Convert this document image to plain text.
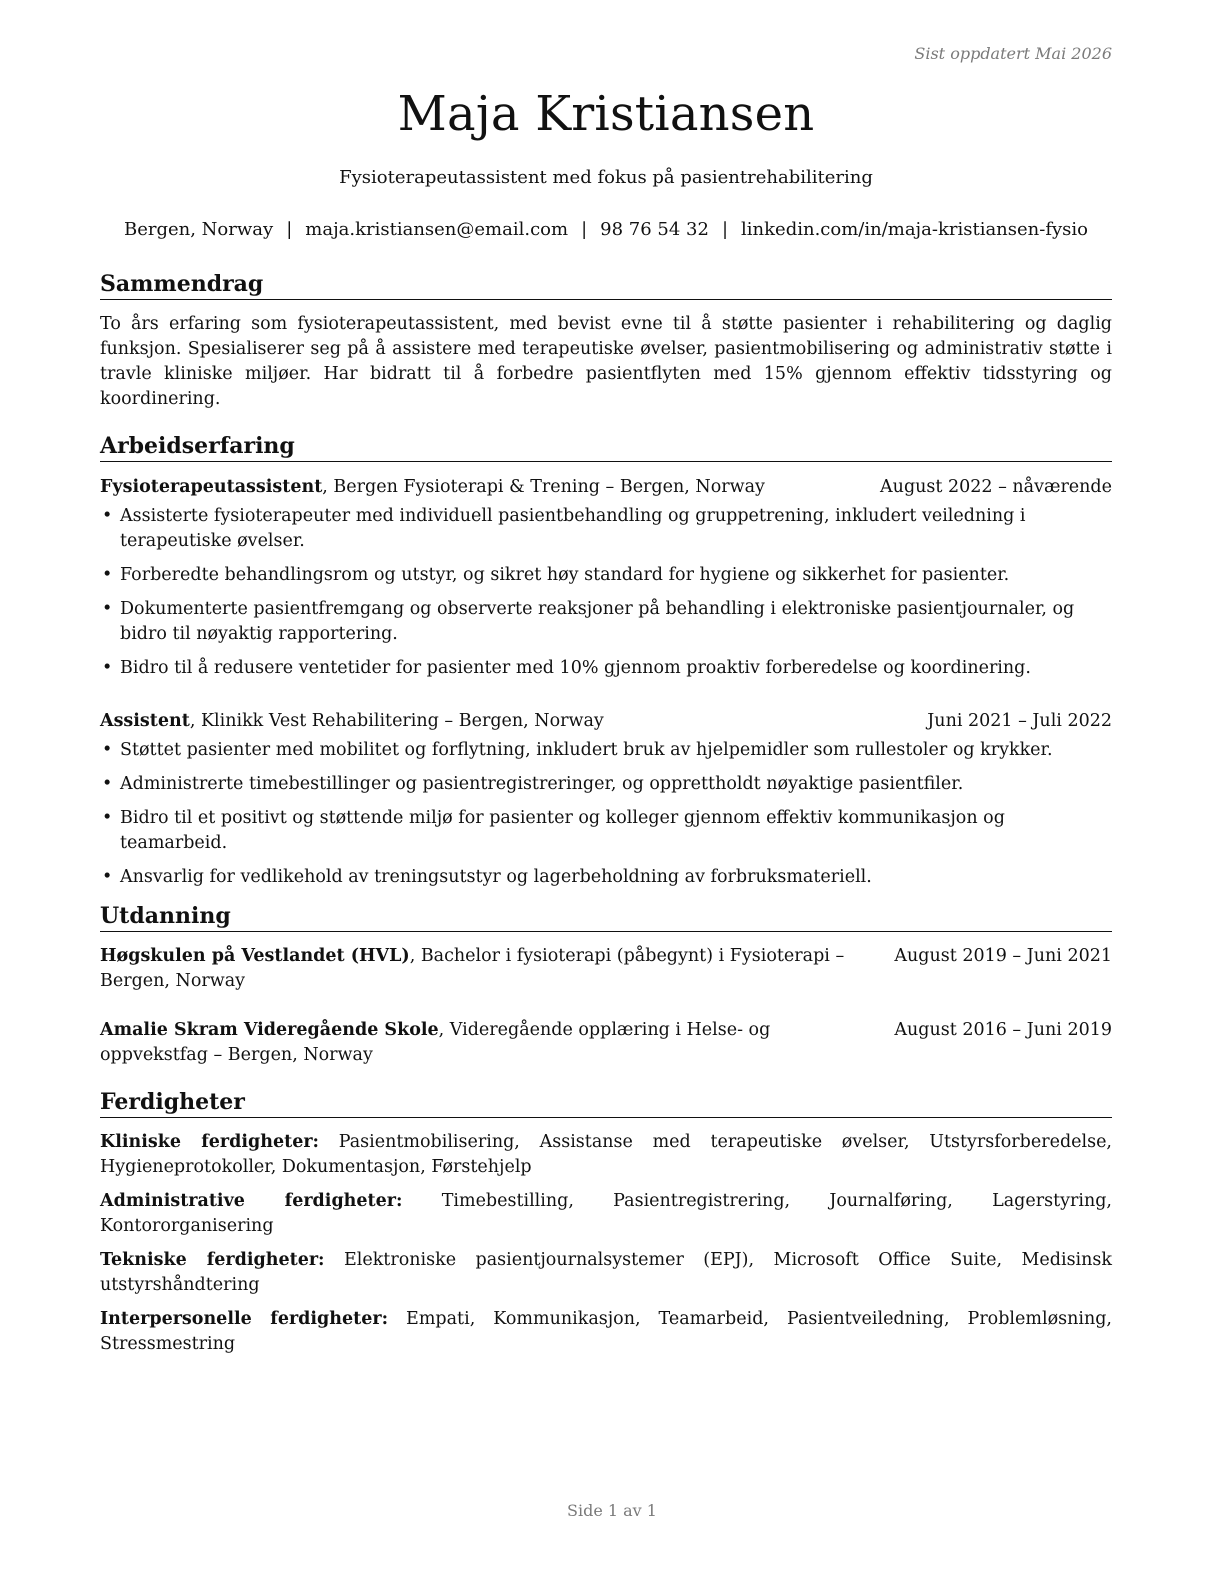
Sist oppdatert Mai 2026
Maja Kristiansen

Fysioterapeutassistent med fokus på pasientrehabilitering

Bergen, Norway | maja.kristiansen@email.com | 98 76 54 32 | linkedin.com/in/maja-kristiansen-fysio

Sammendrag

To års erfaring som fysioterapeutassistent, med bevist evne til å støtte pasienter i rehabilitering og daglig funksjon. Spesialiserer seg på å assistere med terapeutiske øvelser, pasientmobilisering og administrativ støtte i travle kliniske miljøer. Har bidratt til å forbedre pasientflyten med 15% gjennom effektiv tidsstyring og koordinering.

Arbeidserfaring
Fysioterapeutassistent, Bergen Fysioterapi & Trening – Bergen, Norway	August 2022 – nåværende
• Assisterte fysioterapeuter med individuell pasientbehandling og gruppetrening, inkludert veiledning i terapeutiske øvelser.
• Forberedte behandlingsrom og utstyr, og sikret høy standard for hygiene og sikkerhet for pasienter.
• Dokumenterte pasientfremgang og observerte reaksjoner på behandling i elektroniske pasientjournaler, og bidro til nøyaktig rapportering.
• Bidro til å redusere ventetider for pasienter med 10% gjennom proaktiv forberedelse og koordinering.
Assistent, Klinikk Vest Rehabilitering – Bergen, Norway	Juni 2021 – Juli 2022
• Støttet pasienter med mobilitet og forflytning, inkludert bruk av hjelpemidler som rullestoler og krykker.
• Administrerte timebestillinger og pasientregistreringer, og opprettholdt nøyaktige pasientfiler.
• Bidro til et positivt og støttende miljø for pasienter og kolleger gjennom effektiv kommunikasjon og teamarbeid.
• Ansvarlig for vedlikehold av treningsutstyr og lagerbeholdning av forbruksmateriell.
Utdanning
Høgskulen på Vestlandet (HVL), Bachelor i fysioterapi (påbegynt) i Fysioterapi – Bergen, Norway
August 2019 – Juni 2021
Amalie Skram Videregående Skole, Videregående opplæring i Helse- og oppvekstfag – Bergen, Norway
August 2016 – Juni 2019
Ferdigheter
Kliniske ferdigheter: Pasientmobilisering, Assistanse med terapeutiske øvelser, Utstyrsforberedelse, Hygieneprotokoller, Dokumentasjon, Førstehjelp
Administrative ferdigheter: Timebestilling, Pasientregistrering, Journalføring, Lagerstyring, Kontororganisering
Tekniske ferdigheter: Elektroniske pasientjournalsystemer (EPJ), Microsoft Office Suite, Medisinsk utstyrshåndtering
Interpersonelle ferdigheter: Empati, Kommunikasjon, Teamarbeid, Pasientveiledning, Problemløsning, Stressmestring
Side 1 av 1
